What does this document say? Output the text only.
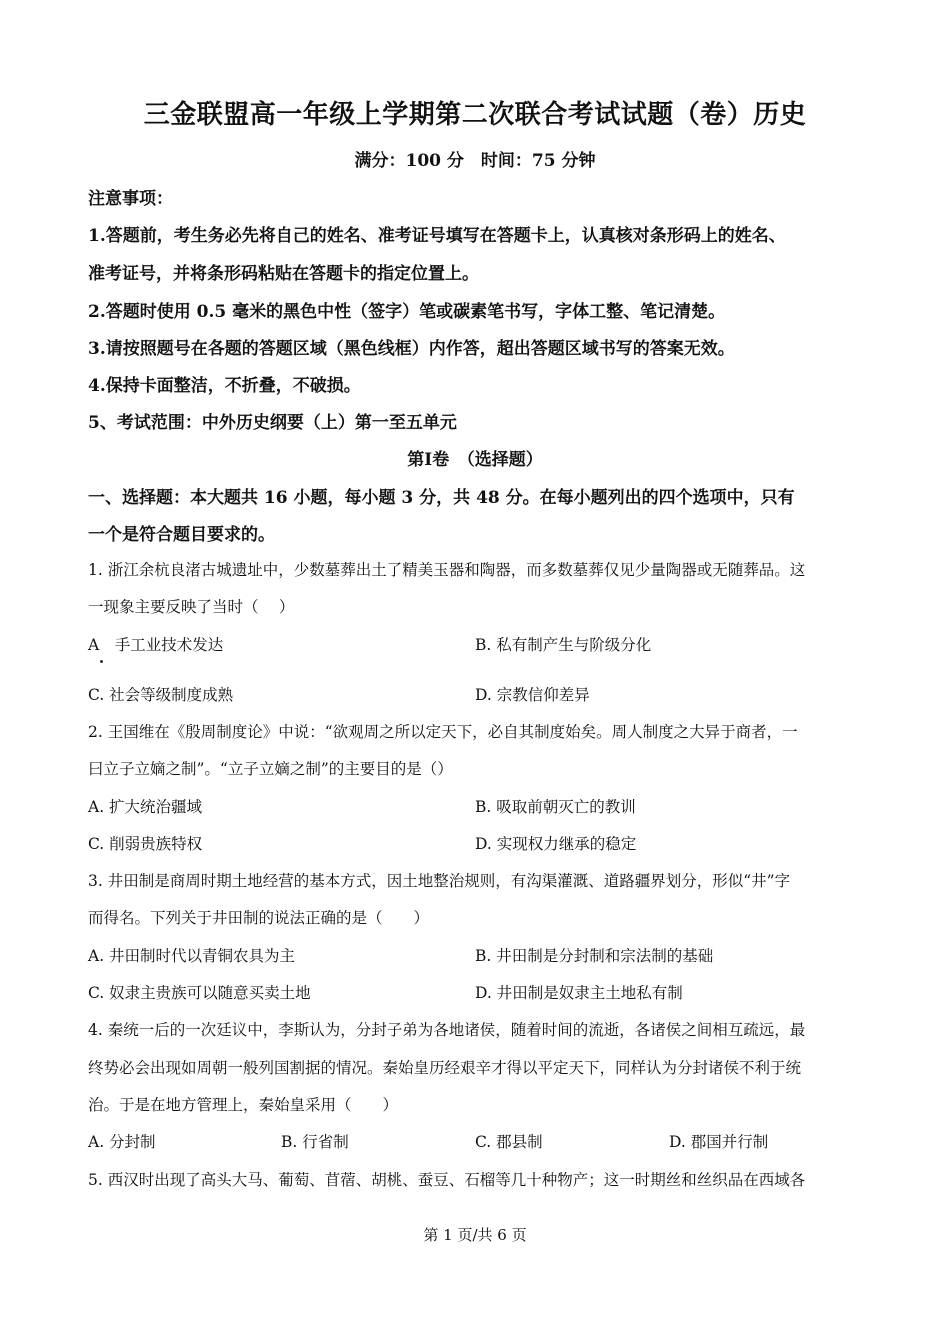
三金联盟高一年级上学期第二次联合考试试题（卷）历史
满分：100 分　时间：75 分钟
注意事项：
1.答题前，考生务必先将自己的姓名、准考证号填写在答题卡上，认真核对条形码上的姓名、
准考证号，并将条形码粘贴在答题卡的指定位置上。
2.答题时使用 0.5 毫米的黑色中性（签字）笔或碳素笔书写，字体工整、笔记清楚。
3.请按照题号在各题的答题区域（黑色线框）内作答，超出答题区域书写的答案无效。
4.保持卡面整洁，不折叠，不破损。
5、考试范围：中外历史纲要（上）第一至五单元
第Ⅰ卷　（选择题）
一、选择题：本大题共 16 小题，每小题 3 分，共 48 分。在每小题列出的四个选项中，只有
一个是符合题目要求的。
1. 浙江余杭良渚古城遗址中，少数墓葬出土了精美玉器和陶器，而多数墓葬仅见少量陶器或无随葬品。这
一现象主要反映了当时（　 ）
A　手工业技术发达	B. 私有制产生与阶级分化
C. 社会等级制度成熟	D. 宗教信仰差异
2. 王国维在《殷周制度论》中说：“欲观周之所以定天下，必自其制度始矣。周人制度之大异于商者，一
曰立子立嫡之制”。“立子立嫡之制”的主要目的是（）
A. 扩大统治疆域	B. 吸取前朝灭亡的教训
C. 削弱贵族特权	D. 实现权力继承的稳定
3. 井田制是商周时期土地经营的基本方式，因土地整治规则，有沟渠灌溉、道路疆界划分，形似“井”字
而得名。下列关于井田制的说法正确的是（　　）
A. 井田制时代以青铜农具为主	B. 井田制是分封制和宗法制的基础
C. 奴隶主贵族可以随意买卖土地	D. 井田制是奴隶主土地私有制
4. 秦统一后的一次廷议中，李斯认为，分封子弟为各地诸侯，随着时间的流逝，各诸侯之间相互疏远，最
终势必会出现如周朝一般列国割据的情况。秦始皇历经艰辛才得以平定天下，同样认为分封诸侯不利于统
治。于是在地方管理上，秦始皇采用（　　）
A. 分封制	B. 行省制	C. 郡县制	D. 郡国并行制
5. 西汉时出现了高头大马、葡萄、苜蓿、胡桃、蚕豆、石榴等几十种物产；这一时期丝和丝织品在西域各
第 1 页/共 6 页
